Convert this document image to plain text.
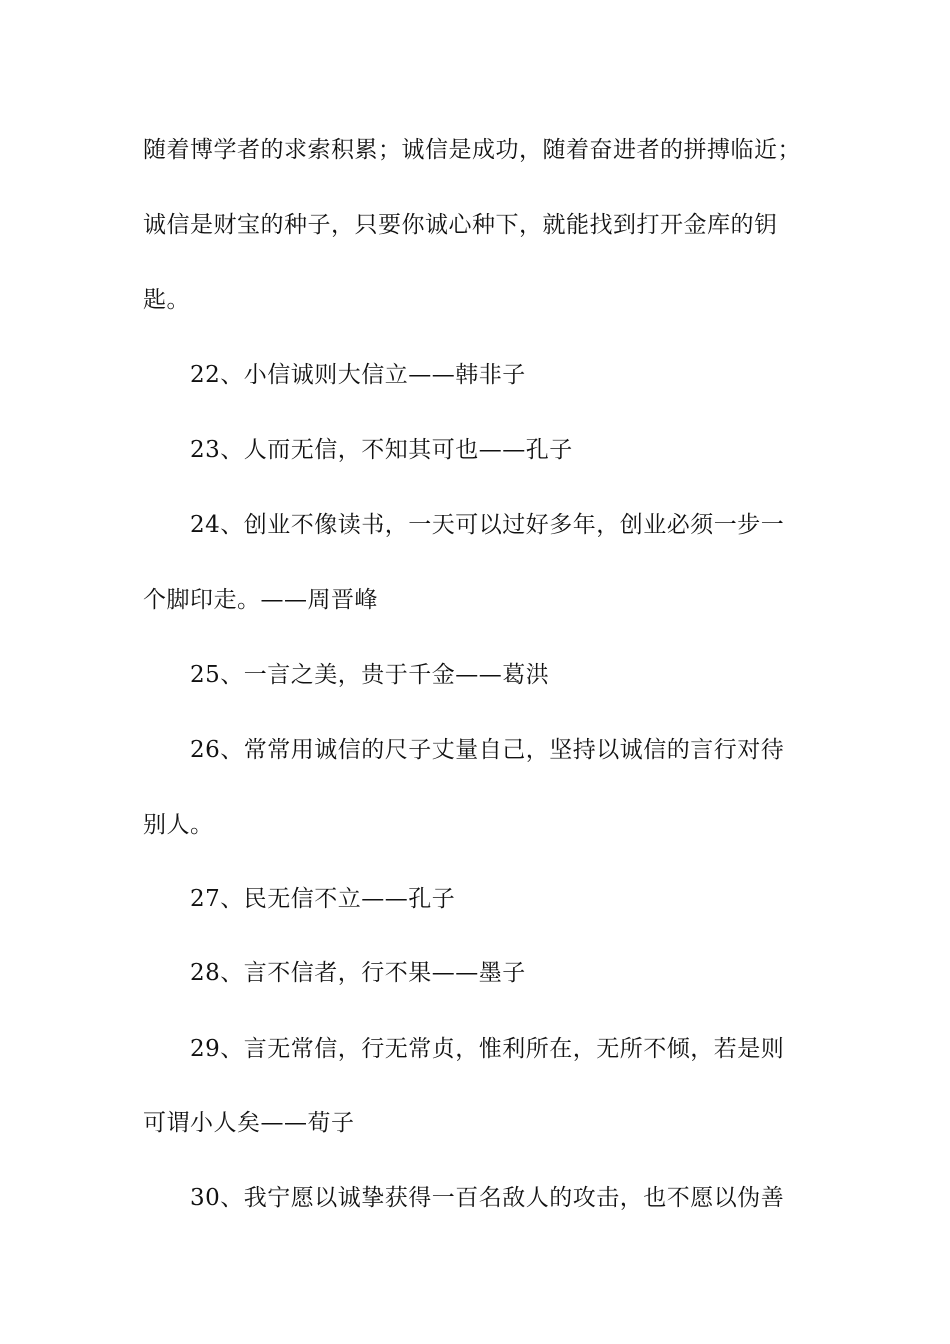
随着博学者的求索积累；诚信是成功，随着奋进者的拼搏临近；
诚信是财宝的种子，只要你诚心种下，就能找到打开金库的钥
匙。
22、小信诚则大信立——韩非子
23、人而无信，不知其可也——孔子
24、创业不像读书，一天可以过好多年，创业必须一步一
个脚印走。——周晋峰
25、一言之美，贵于千金——葛洪
26、常常用诚信的尺子丈量自己，坚持以诚信的言行对待
别人。
27、民无信不立——孔子
28、言不信者，行不果——墨子
29、言无常信，行无常贞，惟利所在，无所不倾，若是则
可谓小人矣——荀子
30、我宁愿以诚挚获得一百名敌人的攻击，也不愿以伪善
